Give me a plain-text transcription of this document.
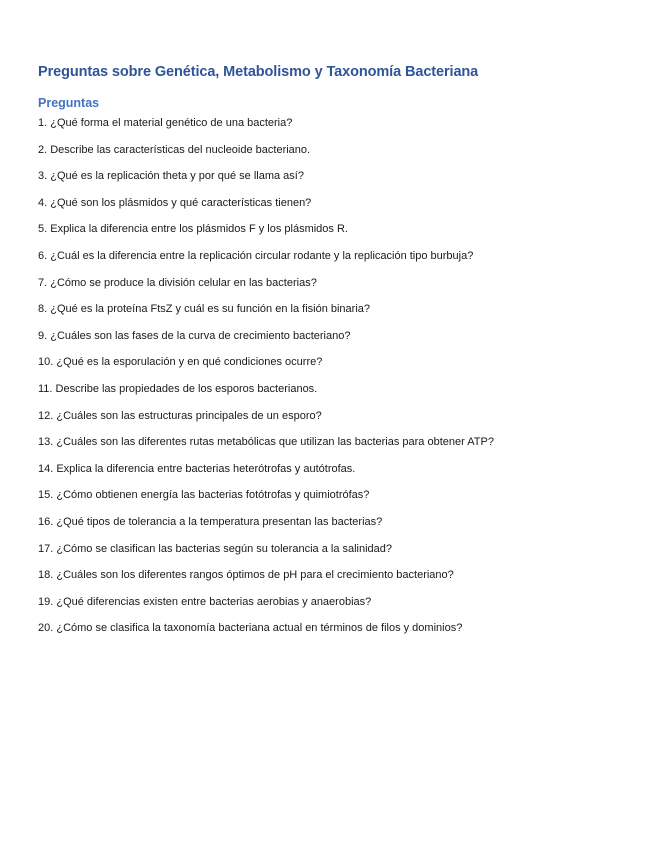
Preguntas sobre Genética, Metabolismo y Taxonomía Bacteriana
Preguntas
1. ¿Qué forma el material genético de una bacteria?
2. Describe las características del nucleoide bacteriano.
3. ¿Qué es la replicación theta y por qué se llama así?
4. ¿Qué son los plásmidos y qué características tienen?
5. Explica la diferencia entre los plásmidos F y los plásmidos R.
6. ¿Cuál es la diferencia entre la replicación circular rodante y la replicación tipo burbuja?
7. ¿Cómo se produce la división celular en las bacterias?
8. ¿Qué es la proteína FtsZ y cuál es su función en la fisión binaria?
9. ¿Cuáles son las fases de la curva de crecimiento bacteriano?
10. ¿Qué es la esporulación y en qué condiciones ocurre?
11. Describe las propiedades de los esporos bacterianos.
12. ¿Cuáles son las estructuras principales de un esporo?
13. ¿Cuáles son las diferentes rutas metabólicas que utilizan las bacterias para obtener ATP?
14. Explica la diferencia entre bacterias heterótrofas y autótrofas.
15. ¿Cómo obtienen energía las bacterias fotótrofas y quimiotrófas?
16. ¿Qué tipos de tolerancia a la temperatura presentan las bacterias?
17. ¿Cómo se clasifican las bacterias según su tolerancia a la salinidad?
18. ¿Cuáles son los diferentes rangos óptimos de pH para el crecimiento bacteriano?
19. ¿Qué diferencias existen entre bacterias aerobias y anaerobias?
20. ¿Cómo se clasifica la taxonomía bacteriana actual en términos de filos y dominios?
